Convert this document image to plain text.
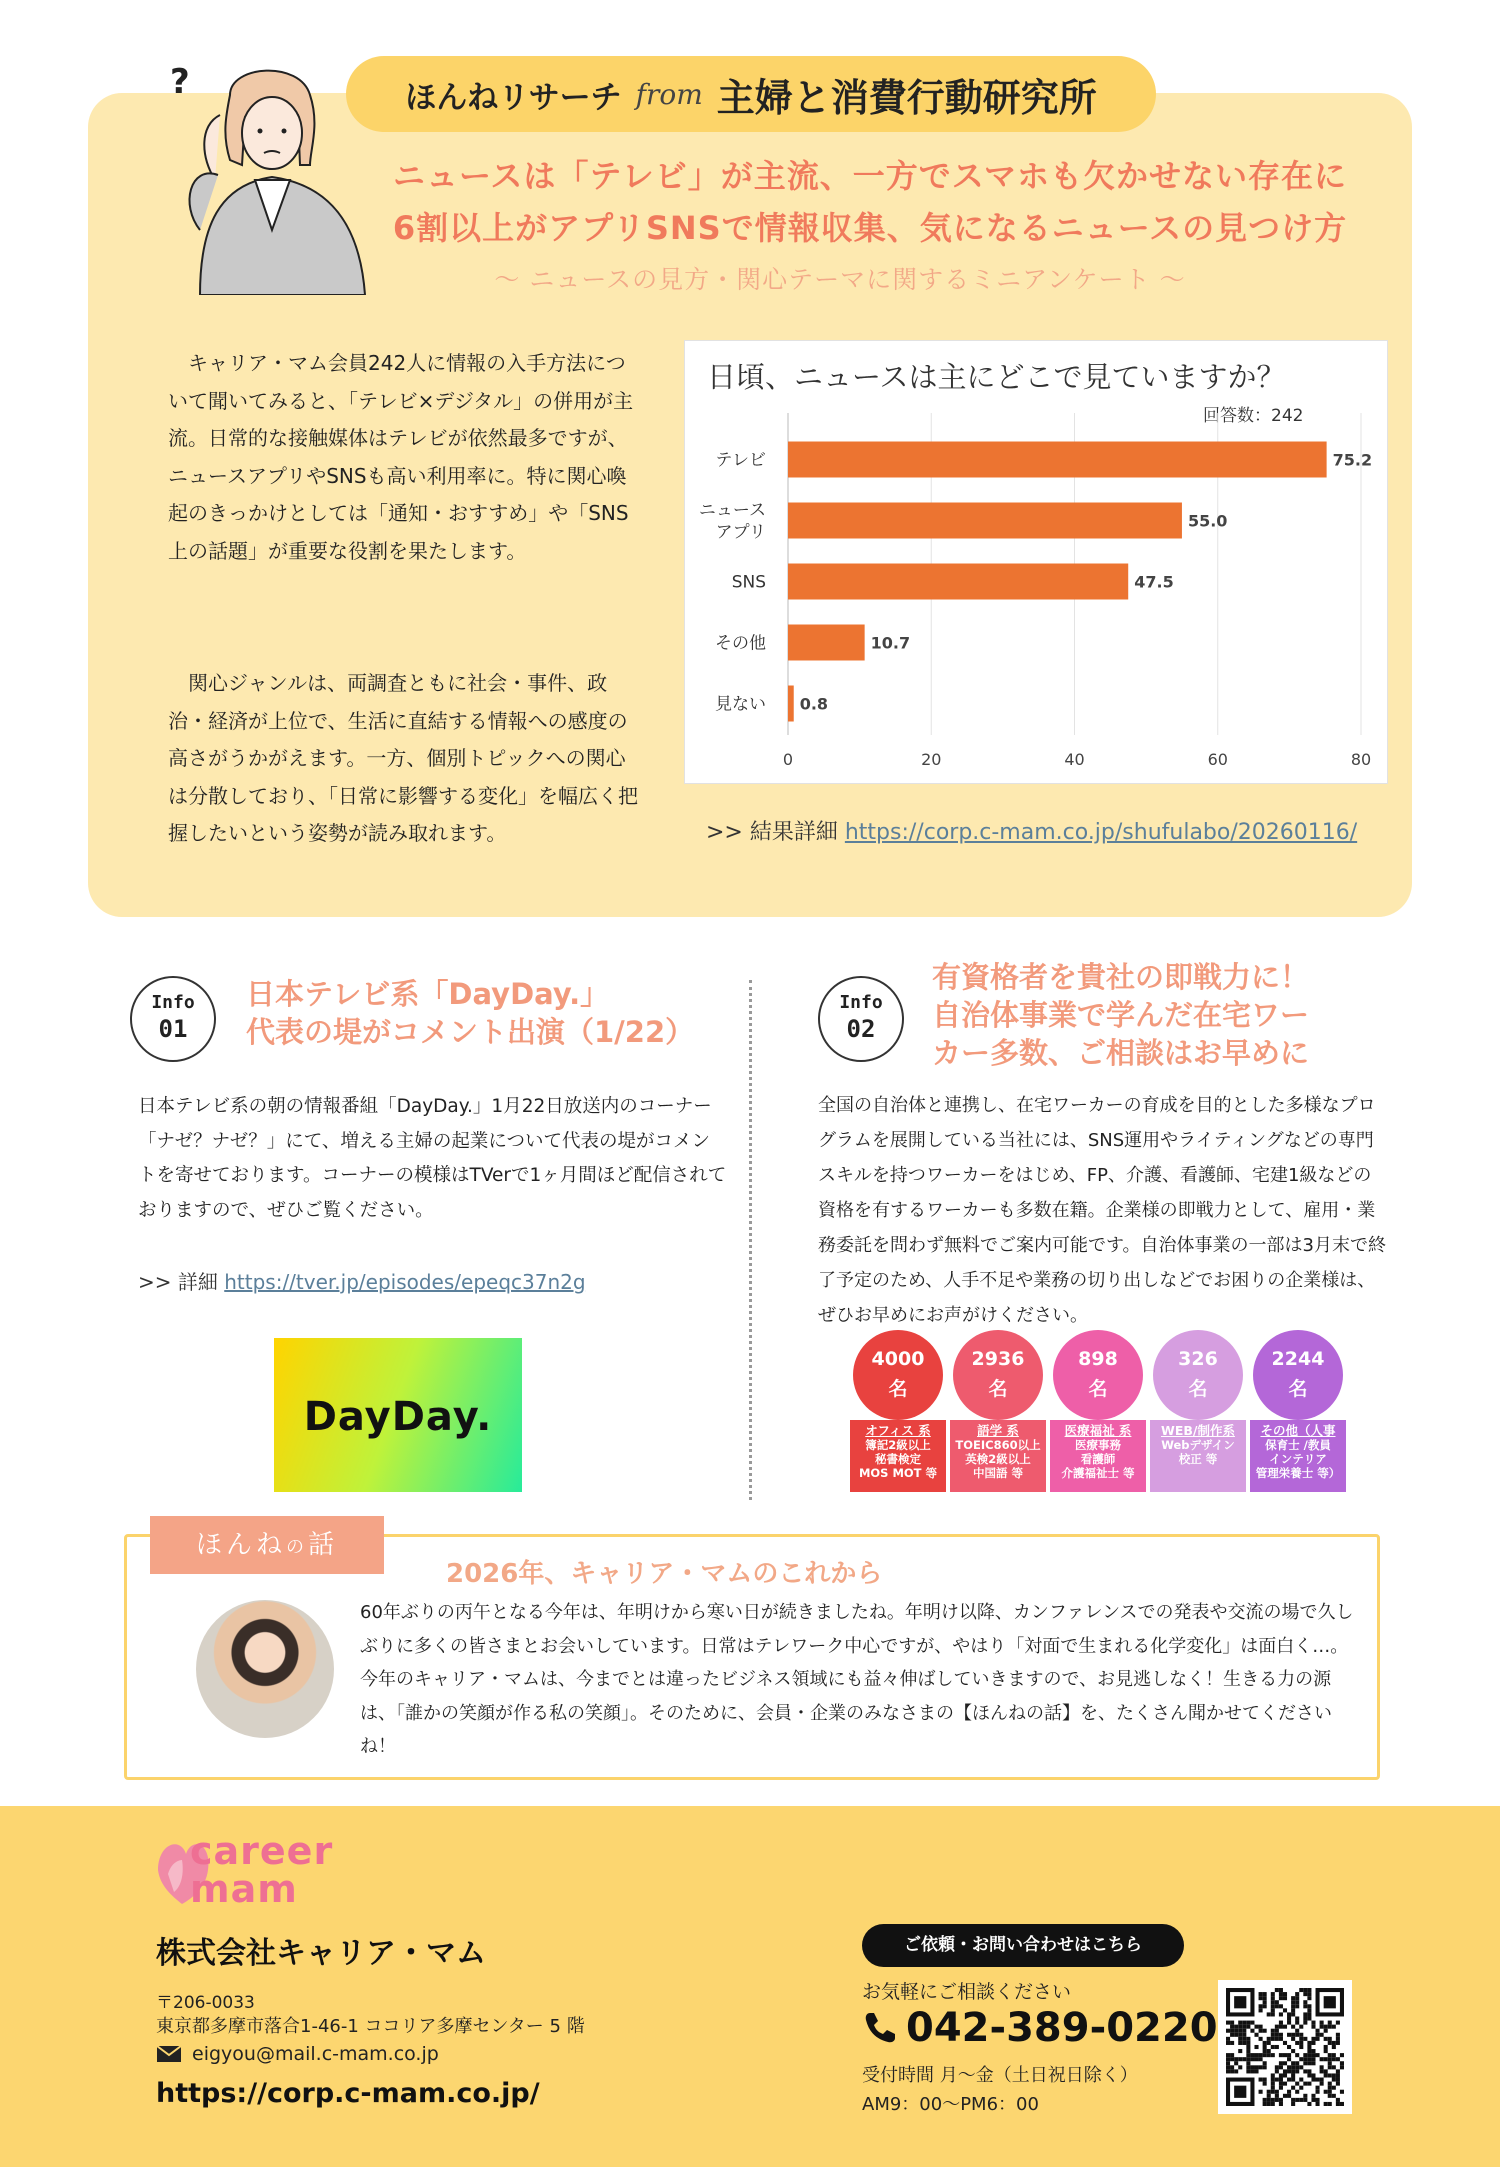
?	ほんねリサーチ from 主婦と消費行動研究所
ニュースは「テレビ」が主流、一方でスマホも欠かせない存在に
6割以上がアプリSNSで情報収集、気になるニュースの見つけ方
〜 ニュースの見方・関心テーマに関するミニアンケート 〜

　キャリア・マム会員242人に情報の入手方法について聞いてみると、「テレビ×デジタル」の併用が主流。日常的な接触媒体はテレビが依然最多ですが、ニュースアプリやSNSも高い利用率に。特に関心喚起のきっかけとしては「通知・おすすめ」や「SNS上の話題」が重要な役割を果たします。

　関心ジャンルは、両調査ともに社会・事件、政治・経済が上位で、生活に直結する情報への感度の高さがうかがえます。一方、個別トピックへの関心は分散しており、「日常に影響する変化」を幅広く把握したいという姿勢が読み取れます。

日頃、ニュースは主にどこで見ていますか？
回答数：242
0	20	40	60	80
75.2
テレビ
55.0
ニュース
アプリ
47.5
SNS
10.7
その他
0.8
見ない
>> 結果詳細 https://corp.c-mam.co.jp/shufulabo/20260116/
Info
01
日本テレビ系「DayDay.」
代表の堤がコメント出演（1/22）

日本テレビ系の朝の情報番組「DayDay.」1月22日放送内のコーナー「ナゼ？ナゼ？」にて、増える主婦の起業について代表の堤がコメントを寄せております。コーナーの模様はTVerで1ヶ月間ほど配信されておりますので、ぜひご覧ください。

>> 詳細 https://tver.jp/episodes/epeqc37n2g
DayDay.
Info
02
有資格者を貴社の即戦力に！
自治体事業で学んだ在宅ワー
カー多数、ご相談はお早めに

全国の自治体と連携し、在宅ワーカーの育成を目的とした多様なプログラムを展開している当社には、SNS運用やライティングなどの専門スキルを持つワーカーをはじめ、FP、介護、看護師、宅建1級などの資格を有するワーカーも多数在籍。企業様の即戦力として、雇用・業務委託を問わず無料でご案内可能です。自治体事業の一部は3月末で終了予定のため、人手不足や業務の切り出しなどでお困りの企業様は、ぜひお早めにお声がけください。

4000
名
オフィス 系
簿記2級以上
秘書検定
MOS MOT 等
2936
名
語学 系
TOEIC860以上
英検2級以上
中国語 等
898
名
医療福祉 系
医療事務
看護師
介護福祉士 等
326
名
WEB/制作系
Webデザイン
校正 等
2244
名
その他（人事
保育士 /教員
インテリア
管理栄養士 等）
ほんねの話
2026年、キャリア・マムのこれから

60年ぶりの丙午となる今年は、年明けから寒い日が続きましたね。年明け以降、カンファレンスでの発表や交流の場で久しぶりに多くの皆さまとお会いしています。日常はテレワーク中心ですが、やはり「対面で生まれる化学変化」は面白く…。今年のキャリア・マムは、今までとは違ったビジネス領域にも益々伸ばしていきますので、お見逃しなく！生きる力の源は、「誰かの笑顔が作る私の笑顔」。そのために、会員・企業のみなさまの【ほんねの話】を、たくさん聞かせてくださいね！

career
mam
株式会社キャリア・マム
〒206-0033
東京都多摩市落合1-46-1 ココリア多摩センター 5 階
eigyou@mail.c-mam.co.jp
https://corp.c-mam.co.jp/
ご依頼・お問い合わせはこちら
お気軽にご相談ください
042-389-0220
受付時間 月〜金（土日祝日除く）
AM9：00〜PM6：00
